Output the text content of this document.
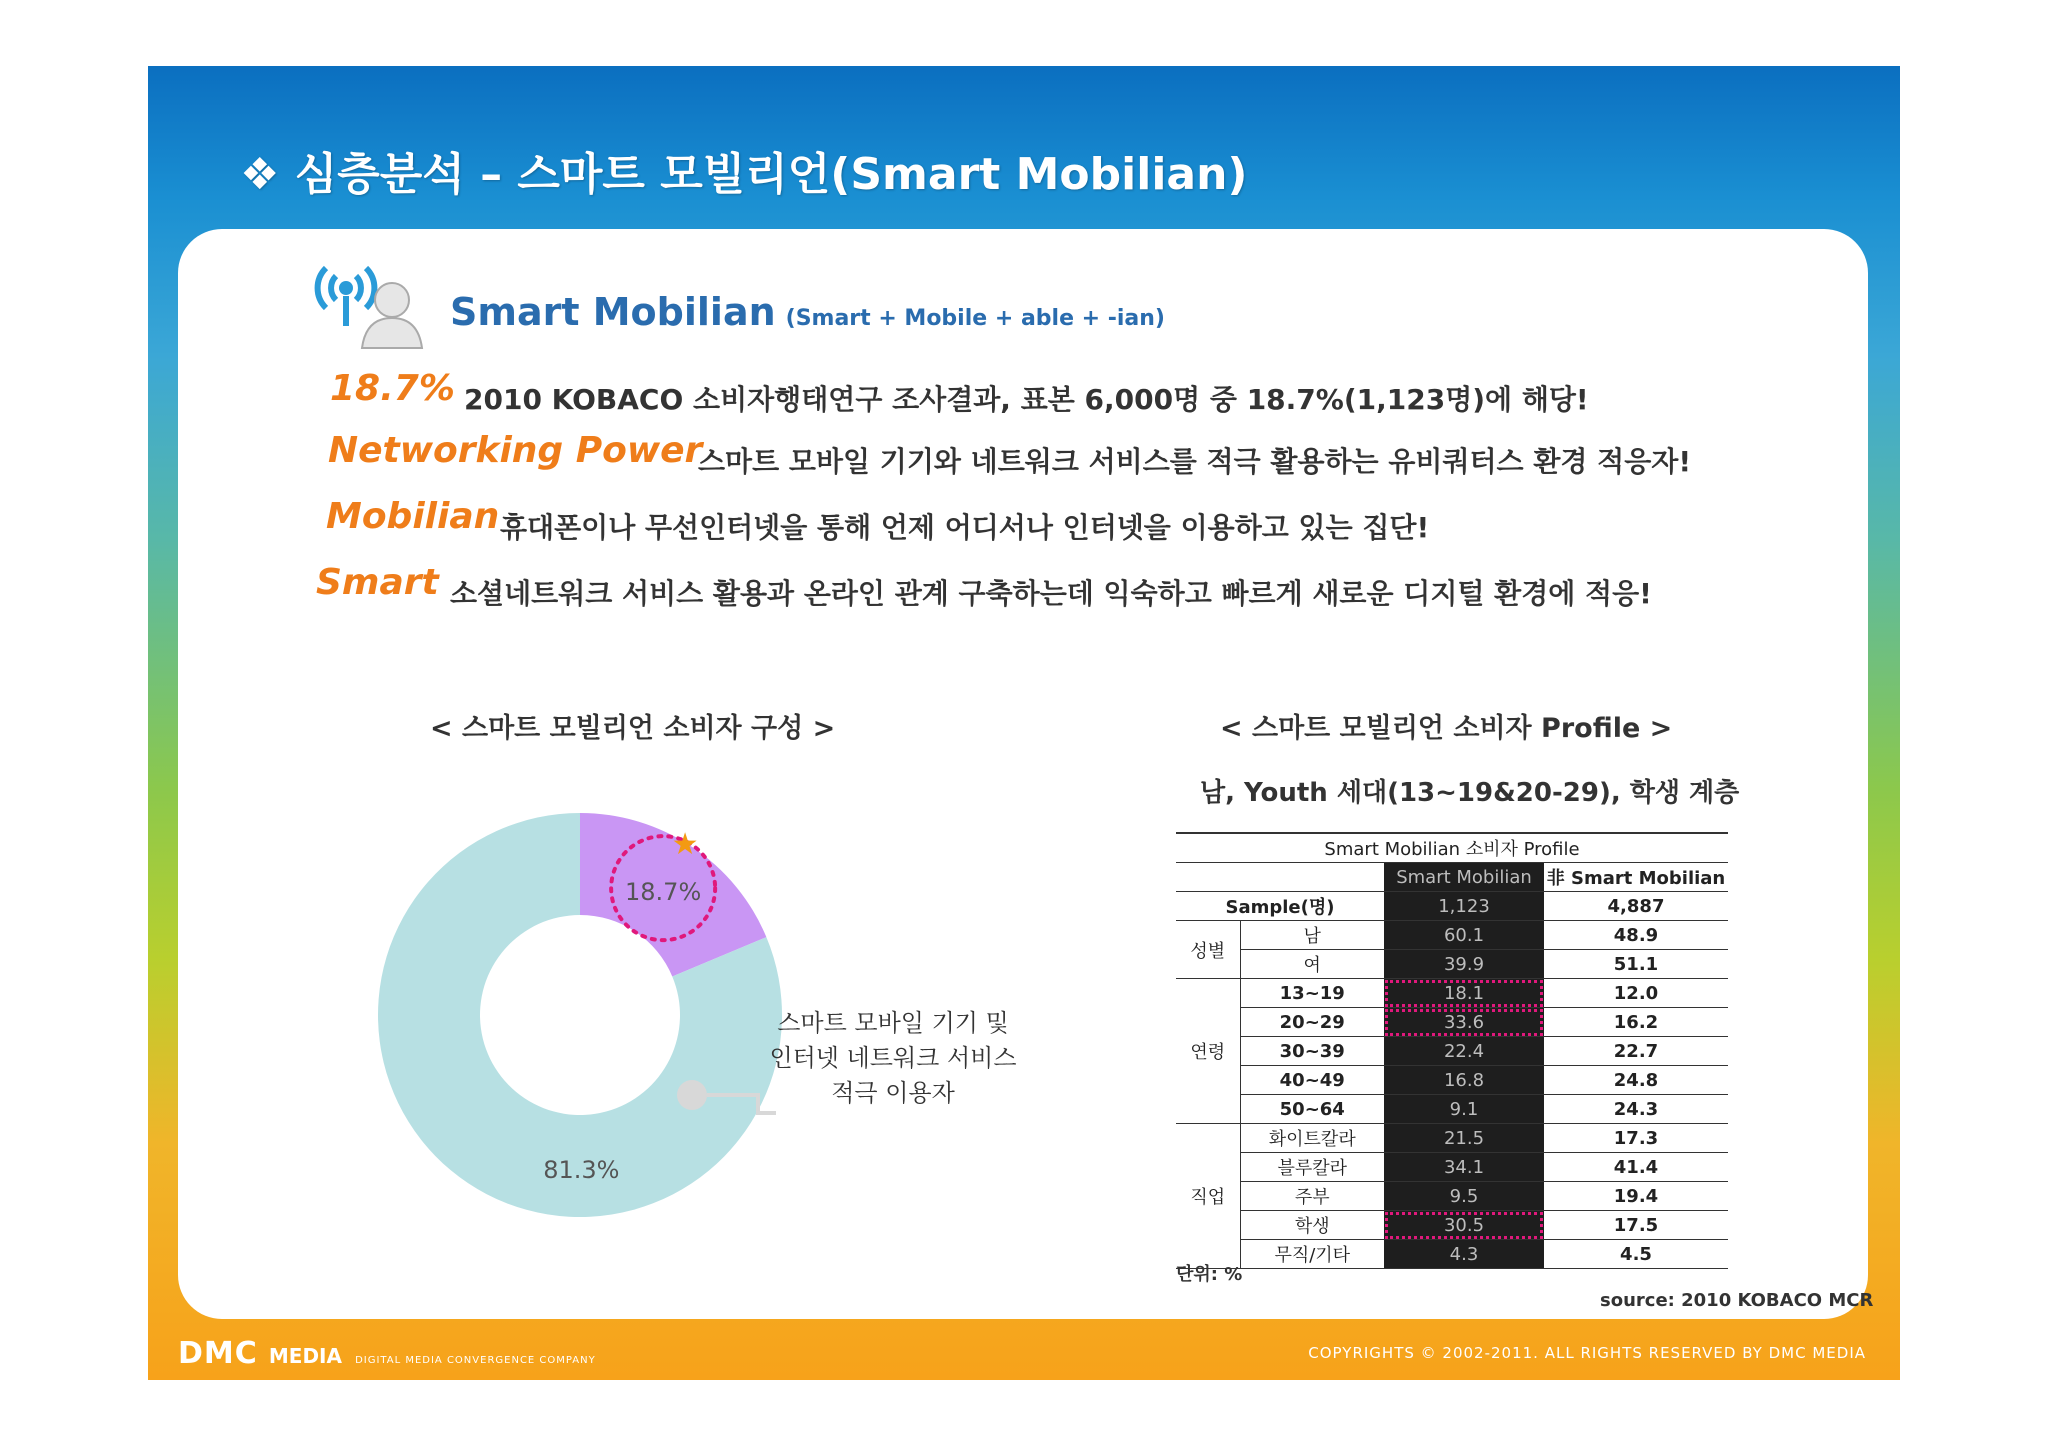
❖ 심층분석 – 스마트 모빌리언(Smart Mobilian)
DMC MEDIA DIGITAL MEDIA CONVERGENCE COMPANY	COPYRIGHTS © 2002-2011. ALL RIGHTS RESERVED BY DMC MEDIA
Smart Mobilian (Smart + Mobile + able + -ian)
18.7% 2010 KOBACO 소비자행태연구 조사결과, 표본 6,000명 중 18.7%(1,123명)에 해당!
Networking Power
스마트 모바일 기기와 네트워크 서비스를 적극 활용하는 유비쿼터스 환경 적응자!
Mobilian 휴대폰이나 무선인터넷을 통해 언제 어디서나 인터넷을 이용하고 있는 집단!
Smart 소셜네트워크 서비스 활용과 온라인 관계 구축하는데 익숙하고 빠르게 새로운 디지털 환경에 적응!
< 스마트 모빌리언 소비자 구성 >
★
18.7%
81.3%
스마트 모바일 기기 및 인터넷 네트워크 서비스 적극 이용자
< 스마트 모빌리언 소비자 Profile >
남, Youth 세대(13~19&20-29), 학생 계층
Smart Mobilian 소비자 Profile			
		Smart Mobilian	非 Smart Mobilian
Sample(명)		1,123	4,887
성별	남	60.1	48.9
	여	39.9	51.1
연령	13~19	18.1	12.0
	20~29	33.6	16.2
	30~39	22.4	22.7
	40~49	16.8	24.8
	50~64	9.1	24.3
직업	화이트칼라	21.5	17.3
	블루칼라	34.1	41.4
	주부	9.5	19.4
	학생	30.5	17.5
	무직/기타	4.3	4.5
단위: %
source: 2010 KOBACO MCR
